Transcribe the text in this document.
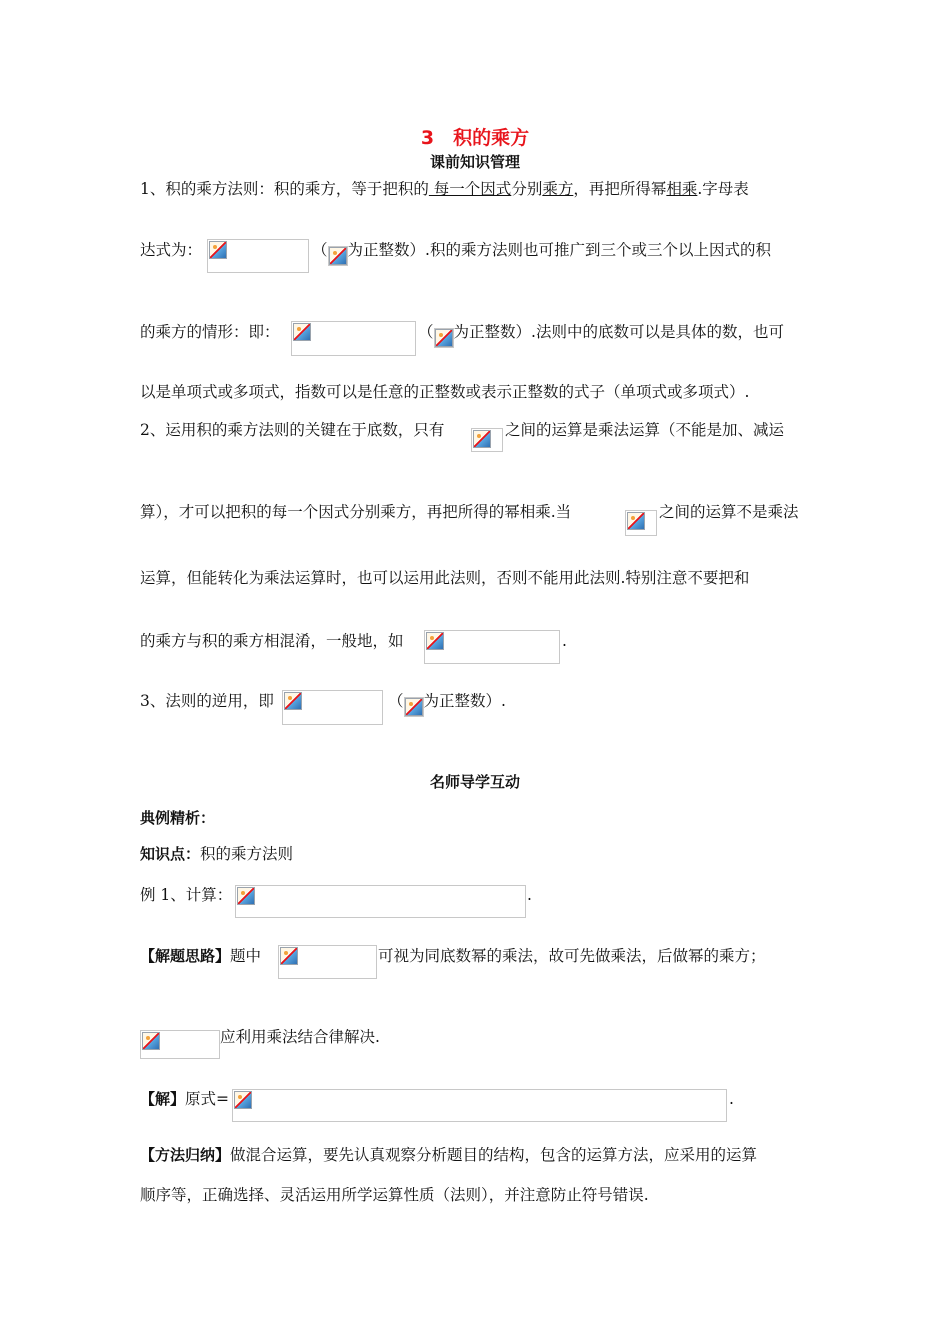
3　积的乘方
课前知识管理
1、积的乘方法则：积的乘方，等于把积的 每一个因式分别乘方，再把所得幂相乘.字母表
达式为：	（ 为正整数）.积的乘方法则也可推广到三个或三个以上因式的积
的乘方的情形：即：	（ 为正整数）.法则中的底数可以是具体的数，也可
以是单项式或多项式，指数可以是任意的正整数或表示正整数的式子（单项式或多项式）.
2、运用积的乘方法则的关键在于底数，只有	之间的运算是乘法运算（不能是加、减运
算），才可以把积的每一个因式分别乘方，再把所得的幂相乘.当	之间的运算不是乘法
运算，但能转化为乘法运算时，也可以运用此法则，否则不能用此法则.特别注意不要把和
的乘方与积的乘方相混淆，一般地，如	.
3、法则的逆用，即	（ 为正整数）.
名师导学互动
典例精析：
知识点：积的乘方法则
例 1、计算：	.
【解题思路】题中	可视为同底数幂的乘法，故可先做乘法，后做幂的乘方；
应利用乘法结合律解决.
【解】原式=	.
【方法归纳】做混合运算，要先认真观察分析题目的结构，包含的运算方法，应采用的运算
顺序等，正确选择、灵活运用所学运算性质（法则），并注意防止符号错误.
